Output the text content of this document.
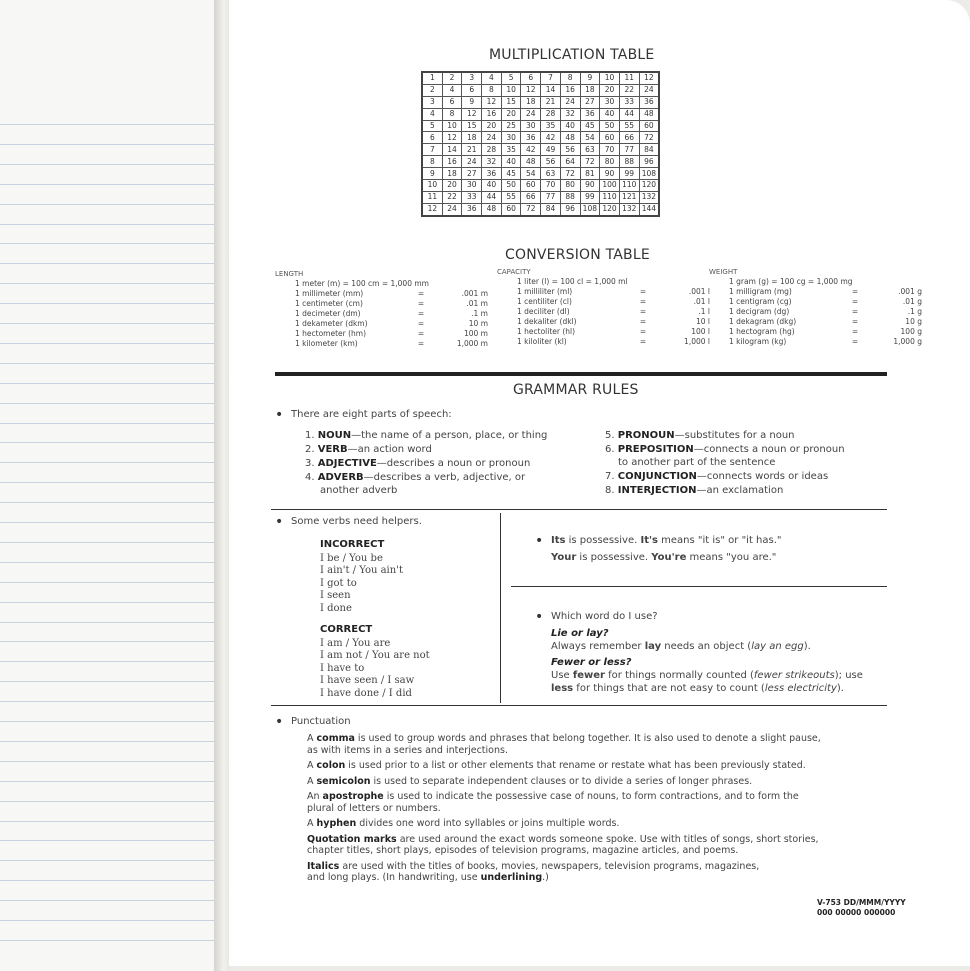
MULTIPLICATION TABLE
1	2	3	4	5	6	7	8	9	10	11	12
2	4	6	8	10	12	14	16	18	20	22	24
3	6	9	12	15	18	21	24	27	30	33	36
4	8	12	16	20	24	28	32	36	40	44	48
5	10	15	20	25	30	35	40	45	50	55	60
6	12	18	24	30	36	42	48	54	60	66	72
7	14	21	28	35	42	49	56	63	70	77	84
8	16	24	32	40	48	56	64	72	80	88	96
9	18	27	36	45	54	63	72	81	90	99	108
10	20	30	40	50	60	70	80	90	100	110	120
11	22	33	44	55	66	77	88	99	110	121	132
12	24	36	48	60	72	84	96	108	120	132	144
CONVERSION TABLE
LENGTH
1 meter (m) = 100 cm = 1,000 mm
1 millimeter (mm)	=	.001 m
1 centimeter (cm)	=	.01 m
1 decimeter (dm)	=	.1 m
1 dekameter (dkm)	=	10 m
1 hectometer (hm)	=	100 m
1 kilometer (km)	=	1,000 m
CAPACITY
1 liter (l) = 100 cl = 1,000 ml
1 milliliter (ml)	=	.001 l
1 centiliter (cl)	=	.01 l
1 deciliter (dl)	=	.1 l
1 dekaliter (dkl)	=	10 l
1 hectoliter (hl)	=	100 l
1 kiloliter (kl)	=	1,000 l
WEIGHT
1 gram (g) = 100 cg = 1,000 mg
1 milligram (mg)	=	.001 g
1 centigram (cg)	=	.01 g
1 decigram (dg)	=	.1 g
1 dekagram (dkg)	=	10 g
1 hectogram (hg)	=	100 g
1 kilogram (kg)	=	1,000 g
GRAMMAR RULES
• There are eight parts of speech:
1. NOUN—the name of a person, place, or thing
2. VERB—an action word
3. ADJECTIVE—describes a noun or pronoun
4. ADVERB—describes a verb, adjective, or
another adverb
5. PRONOUN—substitutes for a noun
6. PREPOSITION—connects a noun or pronoun
to another part of the sentence
7. CONJUNCTION—connects words or ideas
8. INTERJECTION—an exclamation
• Some verbs need helpers.
INCORRECT
I be / You be
I ain't / You ain't
I got to
I seen
I done
CORRECT
I am / You are
I am not / You are not
I have to
I have seen / I saw
I have done / I did
• Its is possessive. It's means "it is" or "it has."
Your is possessive. You're means "you are."
• Which word do I use?
Lie or lay?
Always remember lay needs an object (lay an egg).
Fewer or less?
Use fewer for things normally counted (fewer strikeouts); use
less for things that are not easy to count (less electricity).
• Punctuation

A comma is used to group words and phrases that belong together. It is also used to denote a slight pause,
as with items in a series and interjections.

A colon is used prior to a list or other elements that rename or restate what has been previously stated.

A semicolon is used to separate independent clauses or to divide a series of longer phrases.

An apostrophe is used to indicate the possessive case of nouns, to form contractions, and to form the
plural of letters or numbers.

A hyphen divides one word into syllables or joins multiple words.

Quotation marks are used around the exact words someone spoke. Use with titles of songs, short stories,
chapter titles, short plays, episodes of television programs, magazine articles, and poems.

Italics are used with the titles of books, movies, newspapers, television programs, magazines,
and long plays. (In handwriting, use underlining.)

V-753 DD/MMM/YYYY
000 00000 000000
